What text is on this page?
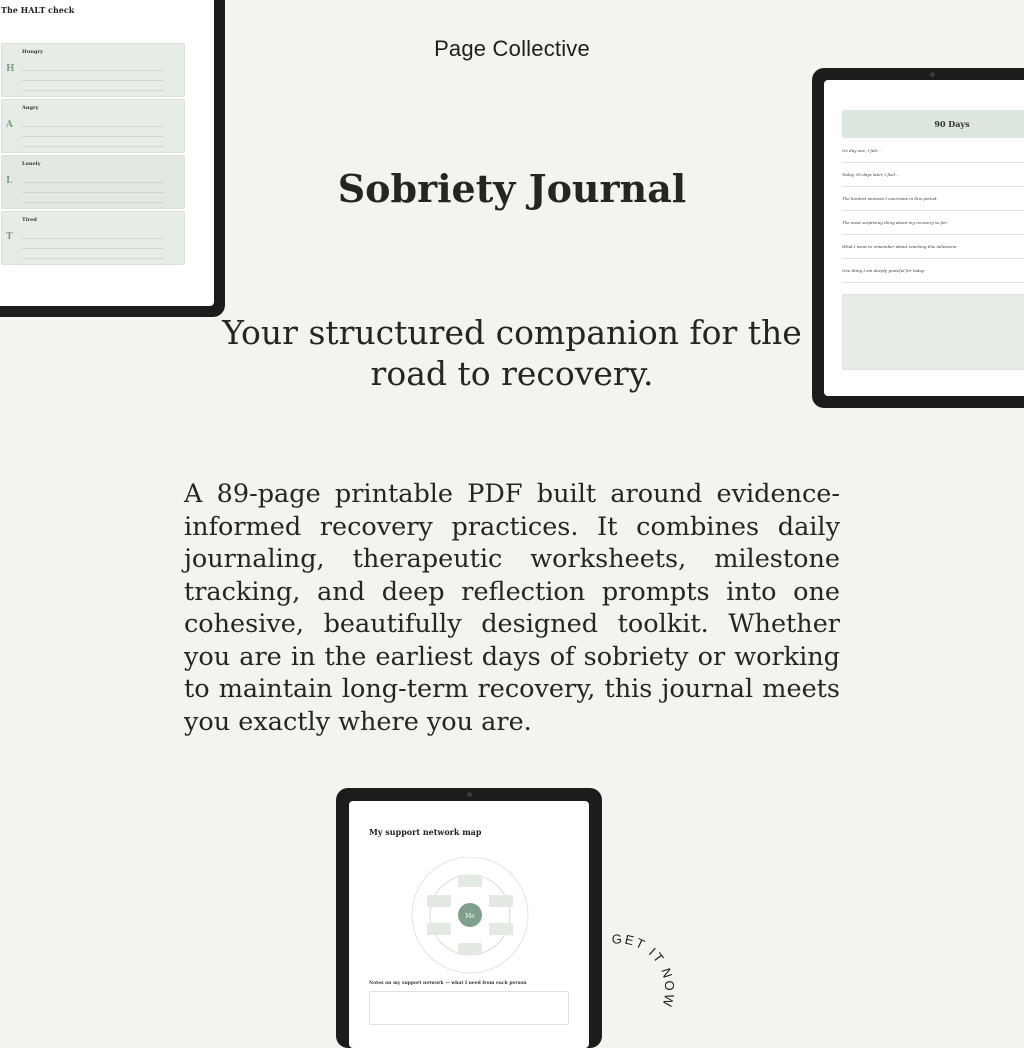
Page Collective
Sobriety Journal
Your structured companion for the road to recovery.
A 89-page printable PDF built around evidence-informed recovery practices. It combines daily journaling, therapeutic worksheets, milestone tracking, and deep reflection prompts into one cohesive, beautifully designed toolkit. Whether you are in the earliest days of sobriety or working to maintain long-term recovery, this journal meets you exactly where you are.
The HALT check
H
Hungry
A
Angry
L
Lonely
T
Tired
90 Days
On day one, I felt...
Today, 90 days later, I feel...
The hardest moment I overcame in this period:
The most surprising thing about my recovery so far:
What I want to remember about reaching this milestone:
One thing I am deeply grateful for today:
My support network map
Me
Notes on my support network — what I need from each person
GET IT NOW
